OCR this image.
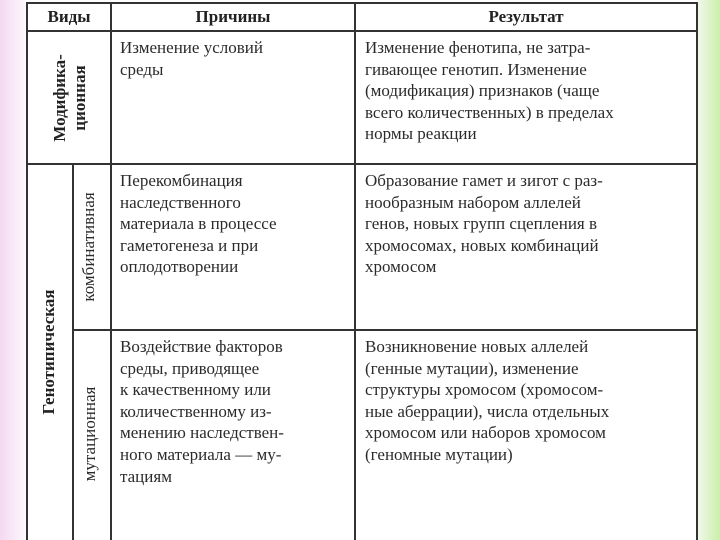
Виды	Причины	Результат
Модифика- ционная
Генотипическая
комбинативная
мутационная
Изменение условий
среды
Изменение фенотипа, не затра-
гивающее генотип. Изменение
(модификация) признаков (чаще
всего количественных) в пределах
нормы реакции
Перекомбинация
наследственного
материала в процессе
гаметогенеза и при
оплодотворении
Образование гамет и зигот с раз-
нообразным набором аллелей
генов, новых групп сцепления в
хромосомах, новых комбинаций
хромосом
Воздействие факторов
среды, приводящее
к качественному или
количественному из-
менению наследствен-
ного материала — му-
тациям
Возникновение новых аллелей
(генные мутации), изменение
структуры хромосом (хромосом-
ные аберрации), числа отдельных
хромосом или наборов хромосом
(геномные мутации)
